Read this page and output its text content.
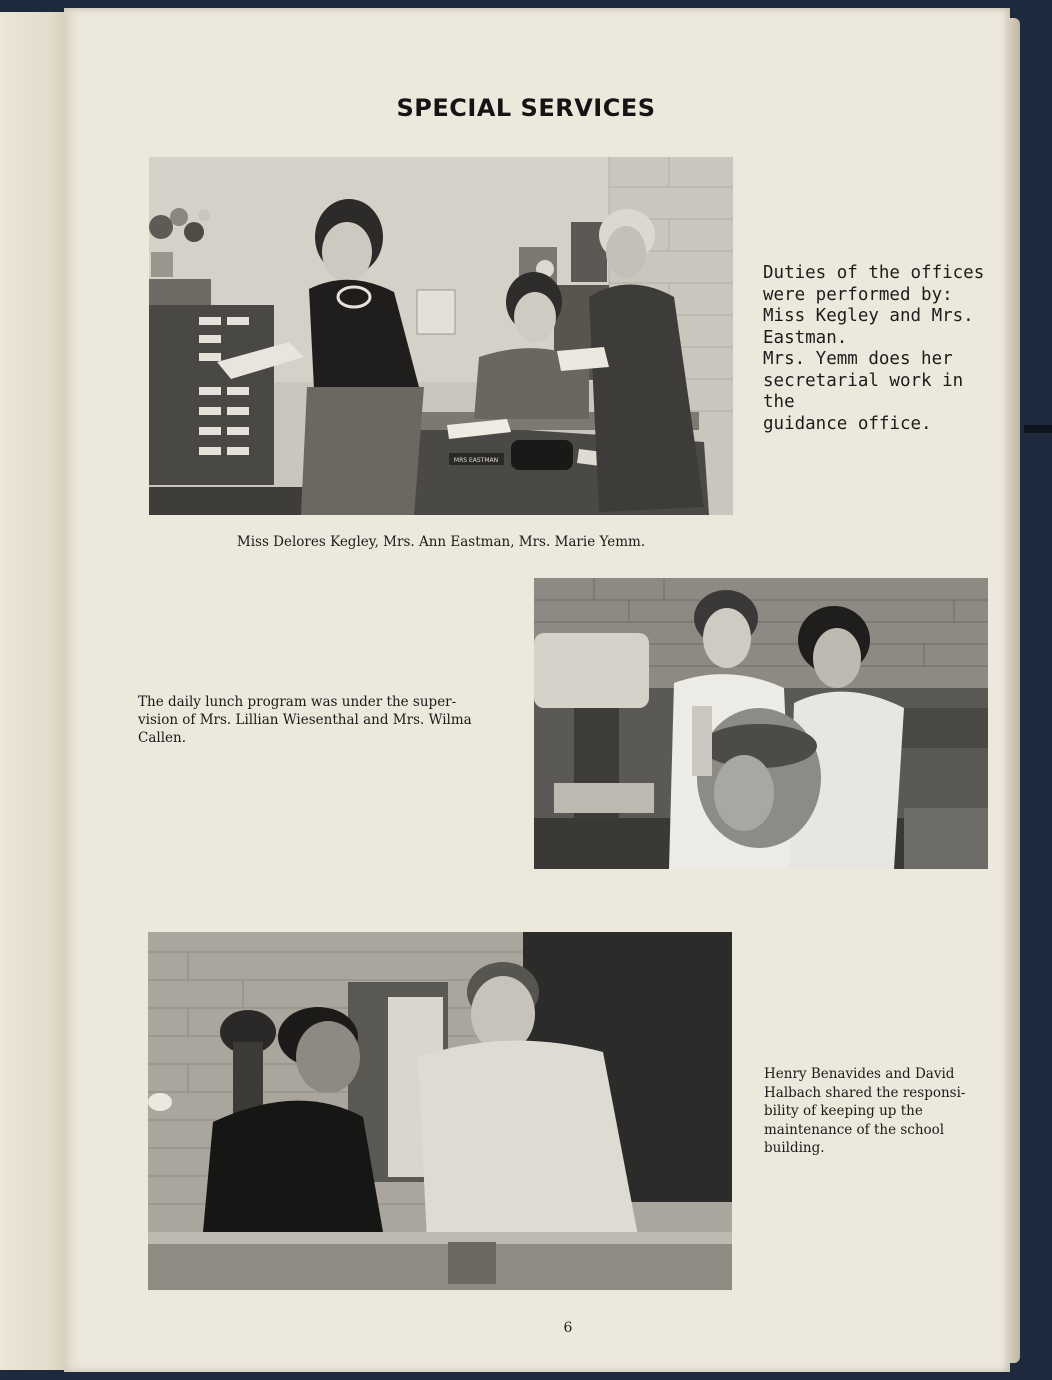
SPECIAL SERVICES
MRS EASTMAN
Duties of the offices
were performed by:
Miss Kegley and Mrs.
Eastman.
Mrs. Yemm does her
secretarial work in the
guidance office.
Miss Delores Kegley, Mrs. Ann Eastman, Mrs. Marie Yemm.
The daily lunch program was under the super-
vision of Mrs. Lillian Wiesenthal and Mrs. Wilma
Callen.
Henry Benavides and David
Halbach shared the responsi-
bility of keeping up the
maintenance of the school
building.
6
